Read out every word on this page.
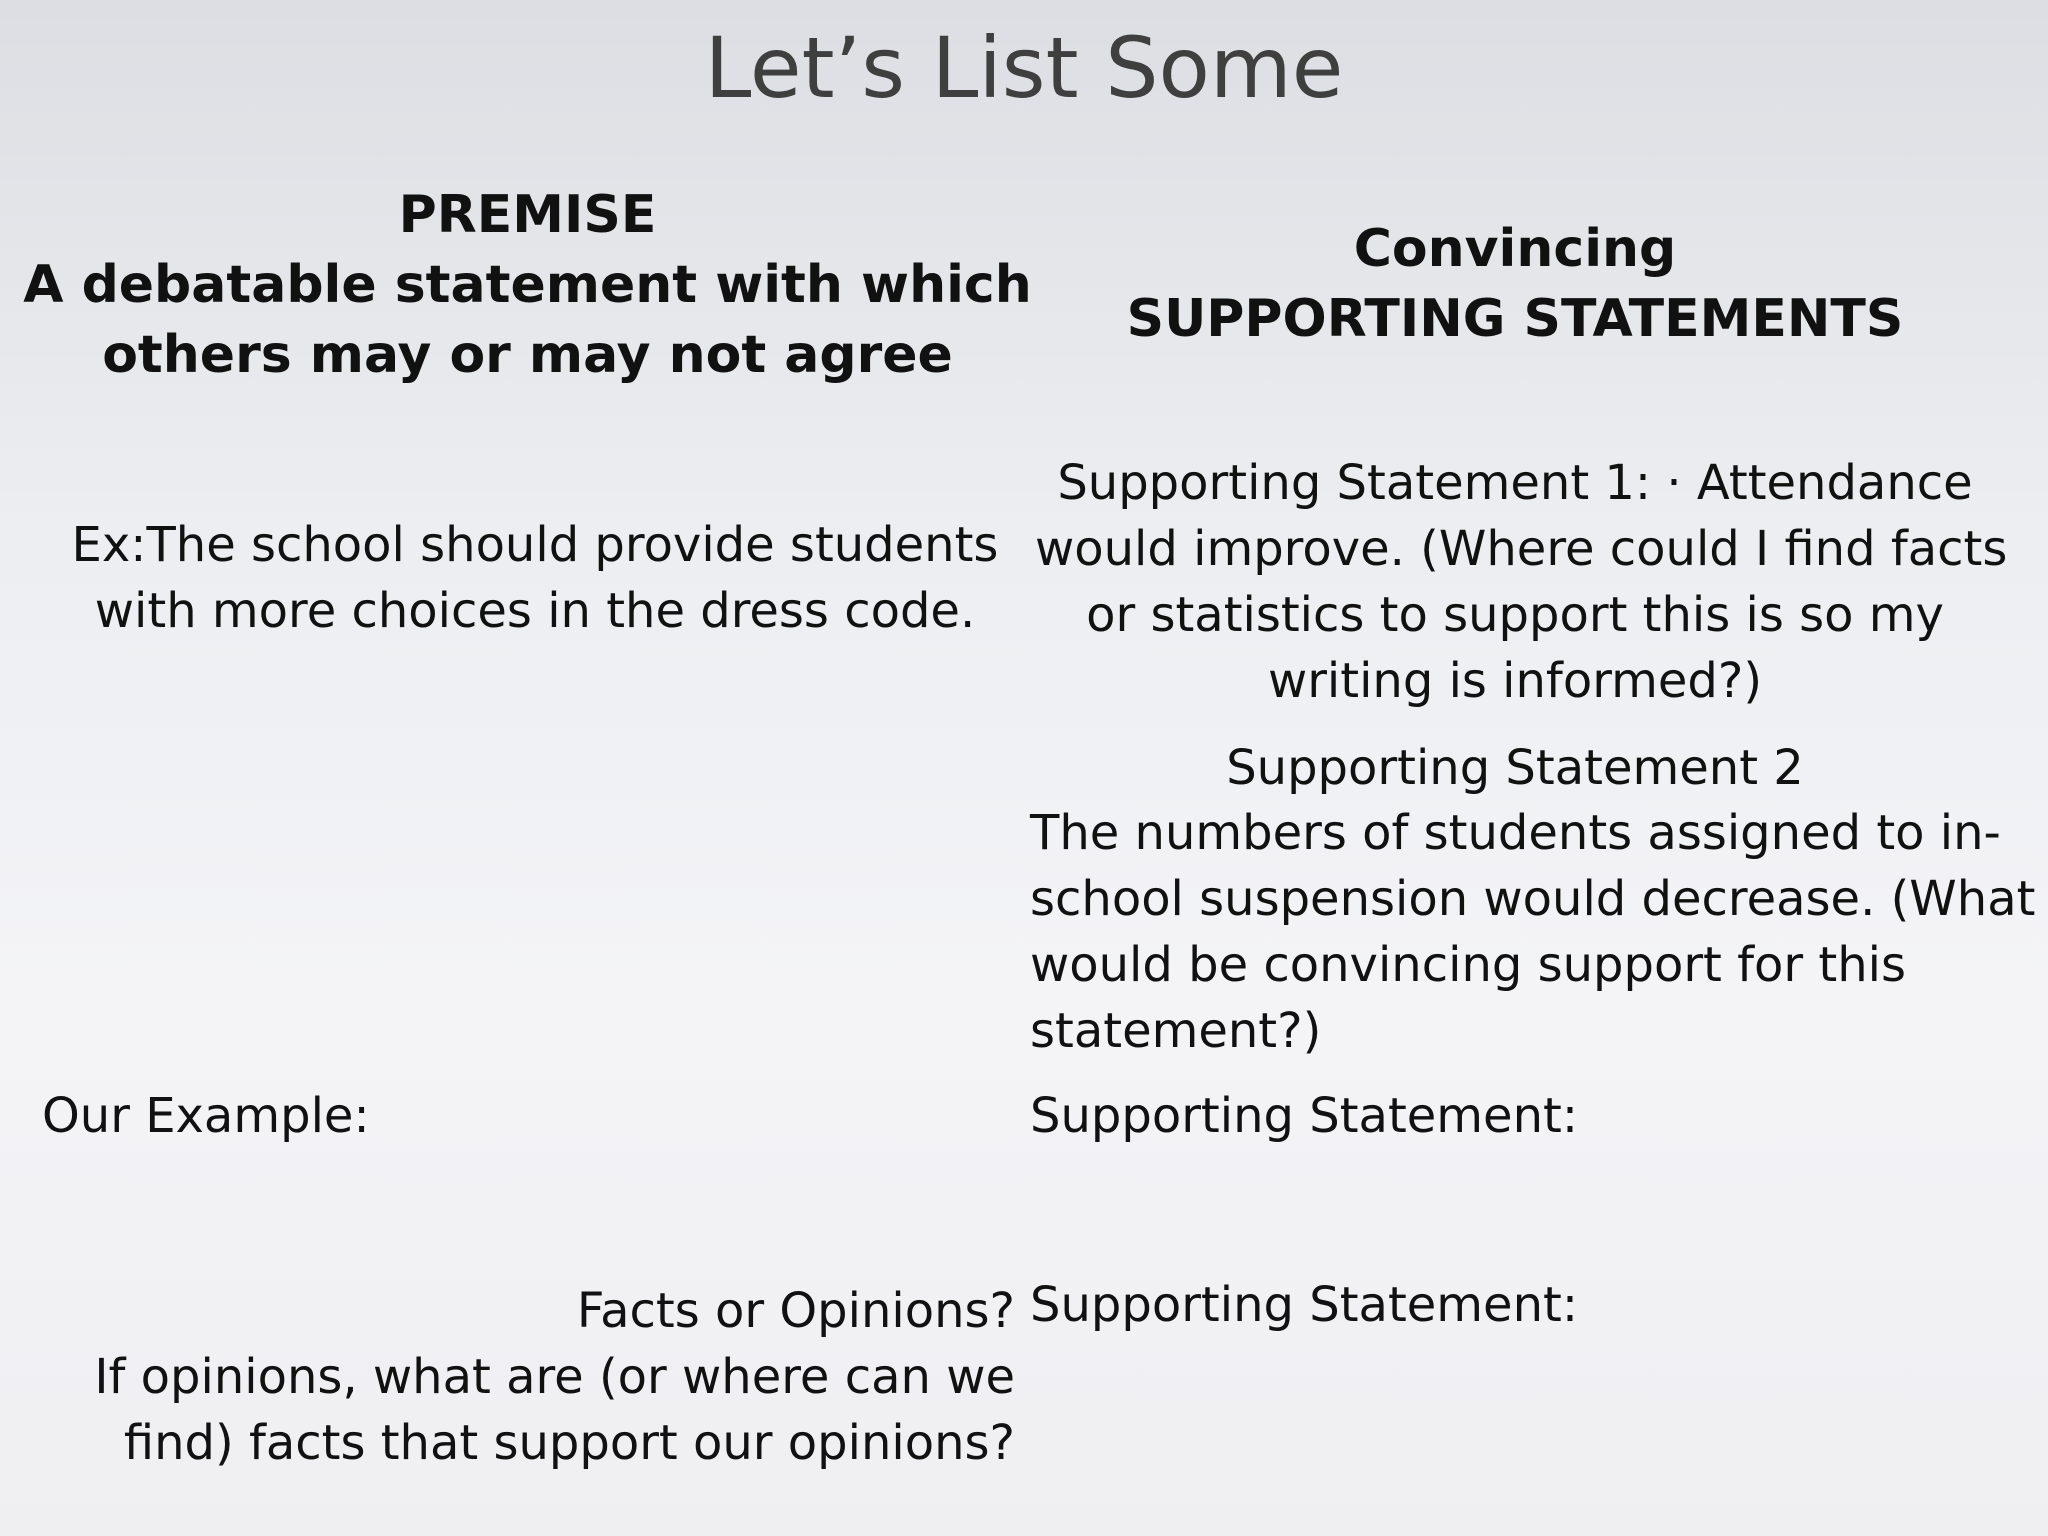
Let’s List Some
PREMISE
A debatable statement with which
others may or may not agree
Ex:The school should provide students
with more choices in the dress code.
Our Example:
Facts or Opinions?
If opinions, what are (or where can we
find) facts that support our opinions?
Convincing
SUPPORTING STATEMENTS
Supporting Statement 1: · Attendance
would improve. (Where could I find facts
or statistics to support this is so my
writing is informed?)
Supporting Statement 2
The numbers of students assigned to in-
school suspension would decrease. (What
would be convincing support for this
statement?)
Supporting Statement:
Supporting Statement:
